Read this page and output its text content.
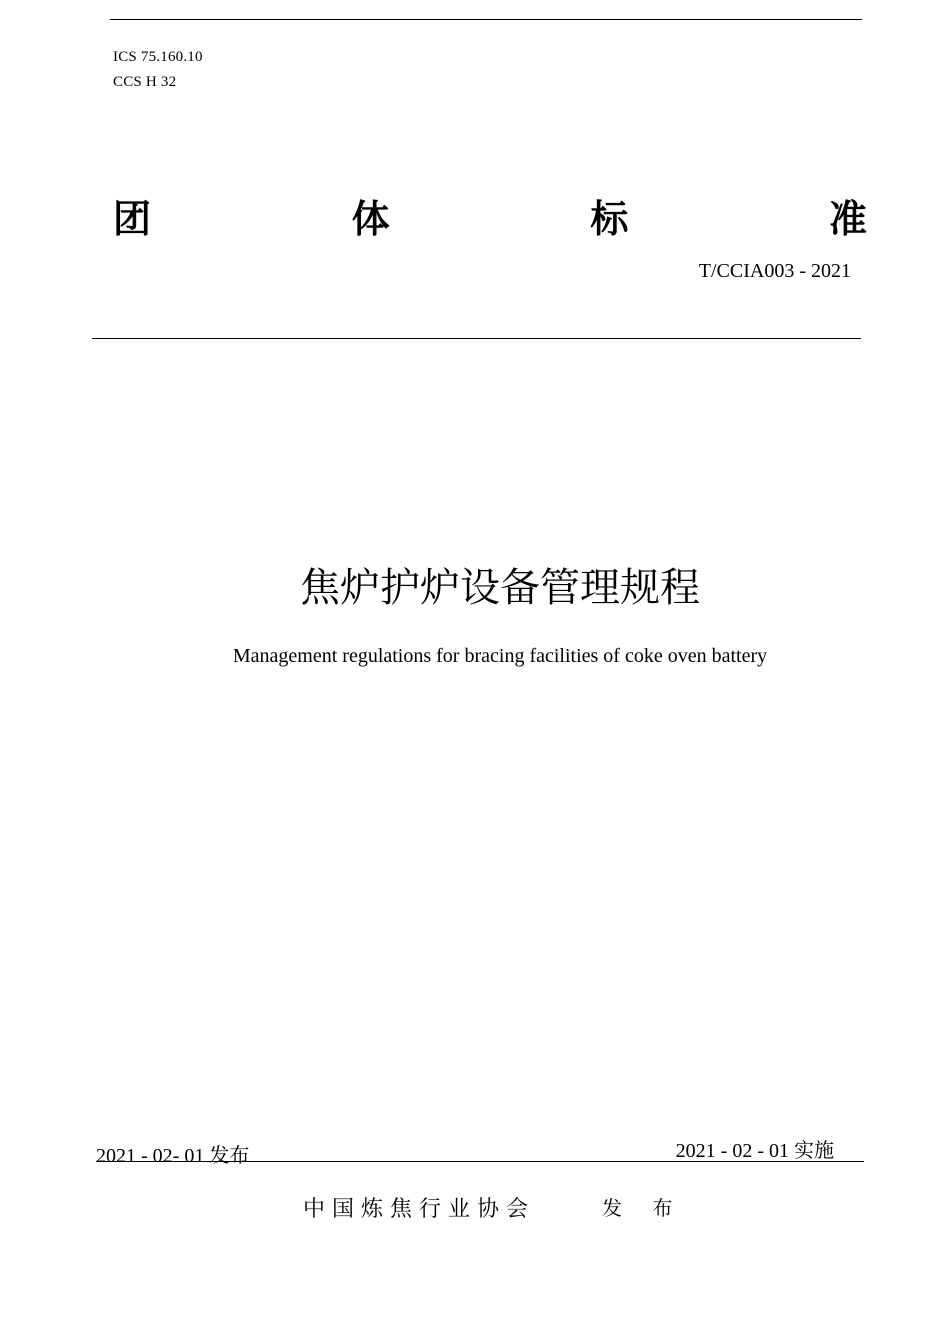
ICS 75.160.10
CCS H 32
团	体	标	准
T/CCIA003 - 2021
焦炉护炉设备管理规程
Management regulations for bracing facilities of coke oven battery
2021 - 02- 01 发布	2021 - 02 - 01 实施
中国炼焦行业协会	发 布
